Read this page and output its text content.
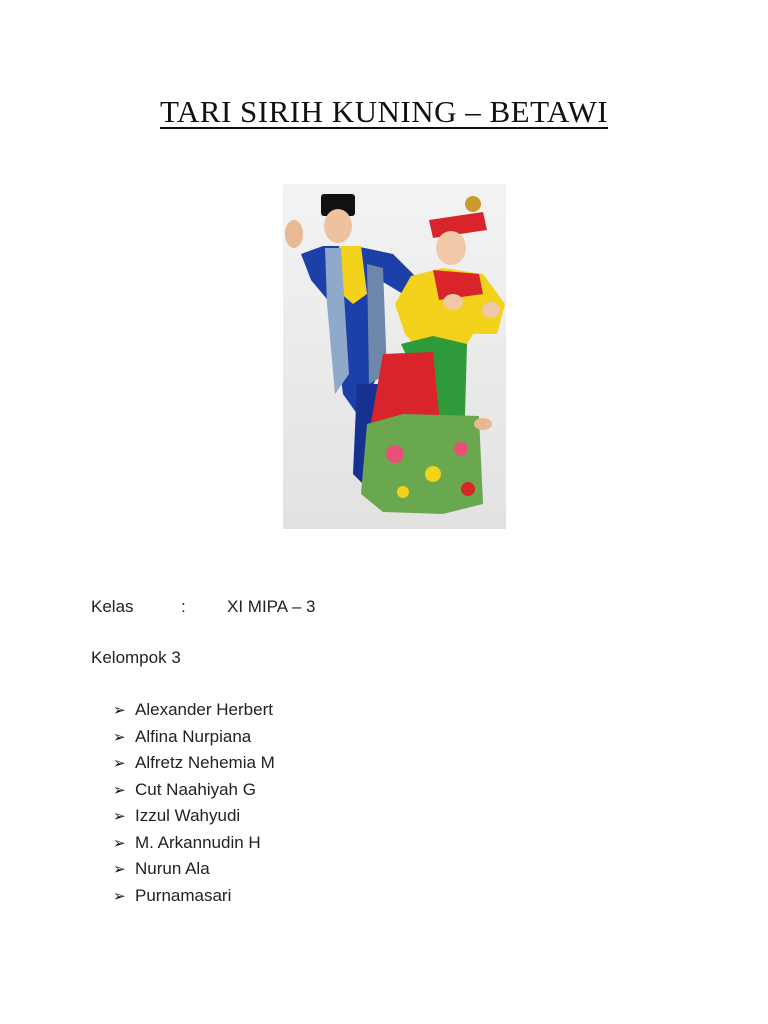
TARI SIRIH KUNING – BETAWI
Kelas	: XI MIPA – 3
Kelompok 3
➢ Alexander Herbert
➢ Alfina Nurpiana
➢ Alfretz Nehemia M
➢ Cut Naahiyah G
➢ Izzul Wahyudi
➢ M. Arkannudin H
➢ Nurun Ala
➢ Purnamasari
